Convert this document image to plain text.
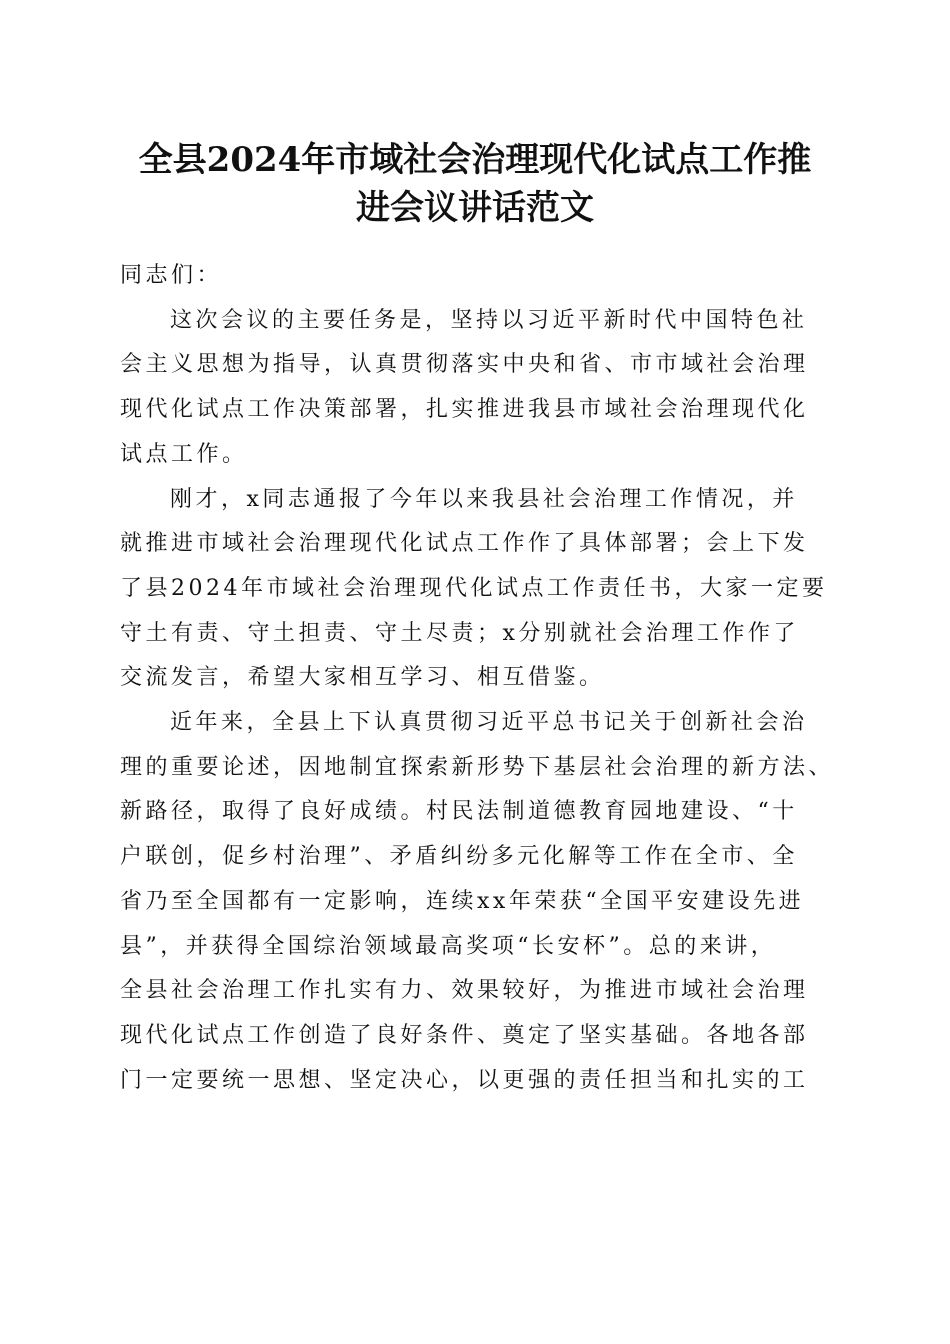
全县2024年市域社会治理现代化试点工作推
进会议讲话范文
同志们：
这次会议的主要任务是，坚持以习近平新时代中国特色社
会主义思想为指导，认真贯彻落实中央和省、市市域社会治理
现代化试点工作决策部署，扎实推进我县市域社会治理现代化
试点工作。
刚才，x同志通报了今年以来我县社会治理工作情况，并
就推进市域社会治理现代化试点工作作了具体部署；会上下发
了县2024年市域社会治理现代化试点工作责任书，大家一定要
守土有责、守土担责、守土尽责；x分别就社会治理工作作了
交流发言，希望大家相互学习、相互借鉴。
近年来，全县上下认真贯彻习近平总书记关于创新社会治
理的重要论述，因地制宜探索新形势下基层社会治理的新方法、
新路径，取得了良好成绩。村民法制道德教育园地建设、“十
户联创，促乡村治理”、矛盾纠纷多元化解等工作在全市、全
省乃至全国都有一定影响，连续xx年荣获“全国平安建设先进
县”，并获得全国综治领域最高奖项“长安杯”。总的来讲，
全县社会治理工作扎实有力、效果较好，为推进市域社会治理
现代化试点工作创造了良好条件、奠定了坚实基础。各地各部
门一定要统一思想、坚定决心，以更强的责任担当和扎实的工
